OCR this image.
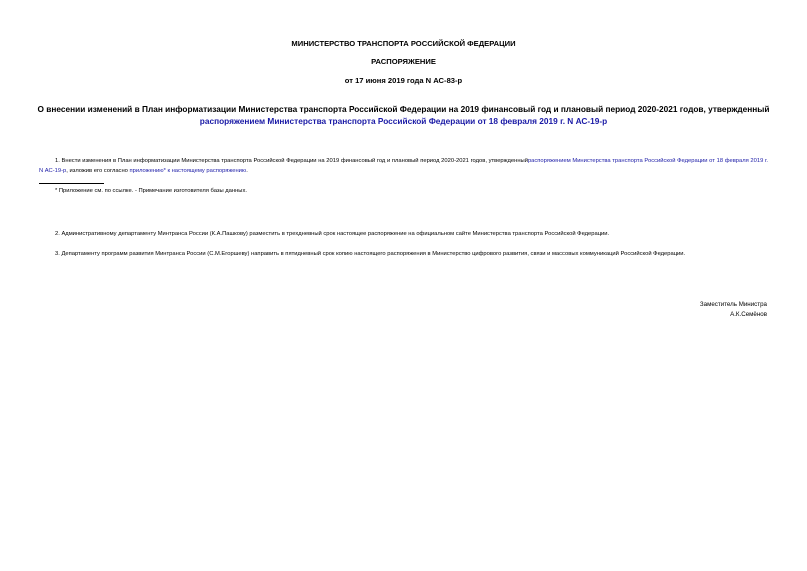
МИНИСТЕРСТВО ТРАНСПОРТА РОССИЙСКОЙ ФЕДЕРАЦИИ
РАСПОРЯЖЕНИЕ
от 17 июня 2019 года N АС-83-р
О внесении изменений в План информатизации Министерства транспорта Российской Федерации на 2019 финансовый год и плановый период 2020-2021 годов, утвержденный распоряжением Министерства транспорта Российской Федерации от 18 февраля 2019 г. N АС-19-р
1. Внести изменения в План информатизации Министерства транспорта Российской Федерации на 2019 финансовый год и плановый период 2020-2021 годов, утвержденныйраспоряжением Министерства транспорта Российской Федерации от 18 февраля 2019 г. N АС-19-р, изложив его согласно приложению* к настоящему распоряжению.
* Приложение см. по ссылке. - Примечание изготовителя базы данных.
2. Административному департаменту Минтранса России (К.А.Пашкову) разместить в трехдневный срок настоящее распоряжение на официальном сайте Министерства транспорта Российской Федерации.
3. Департаменту программ развития Минтранса России (С.М.Егоршеву) направить в пятидневный срок копию настоящего распоряжения в Министерство цифрового развития, связи и массовых коммуникаций Российской Федерации.
Заместитель Министра
А.К.Семёнов
